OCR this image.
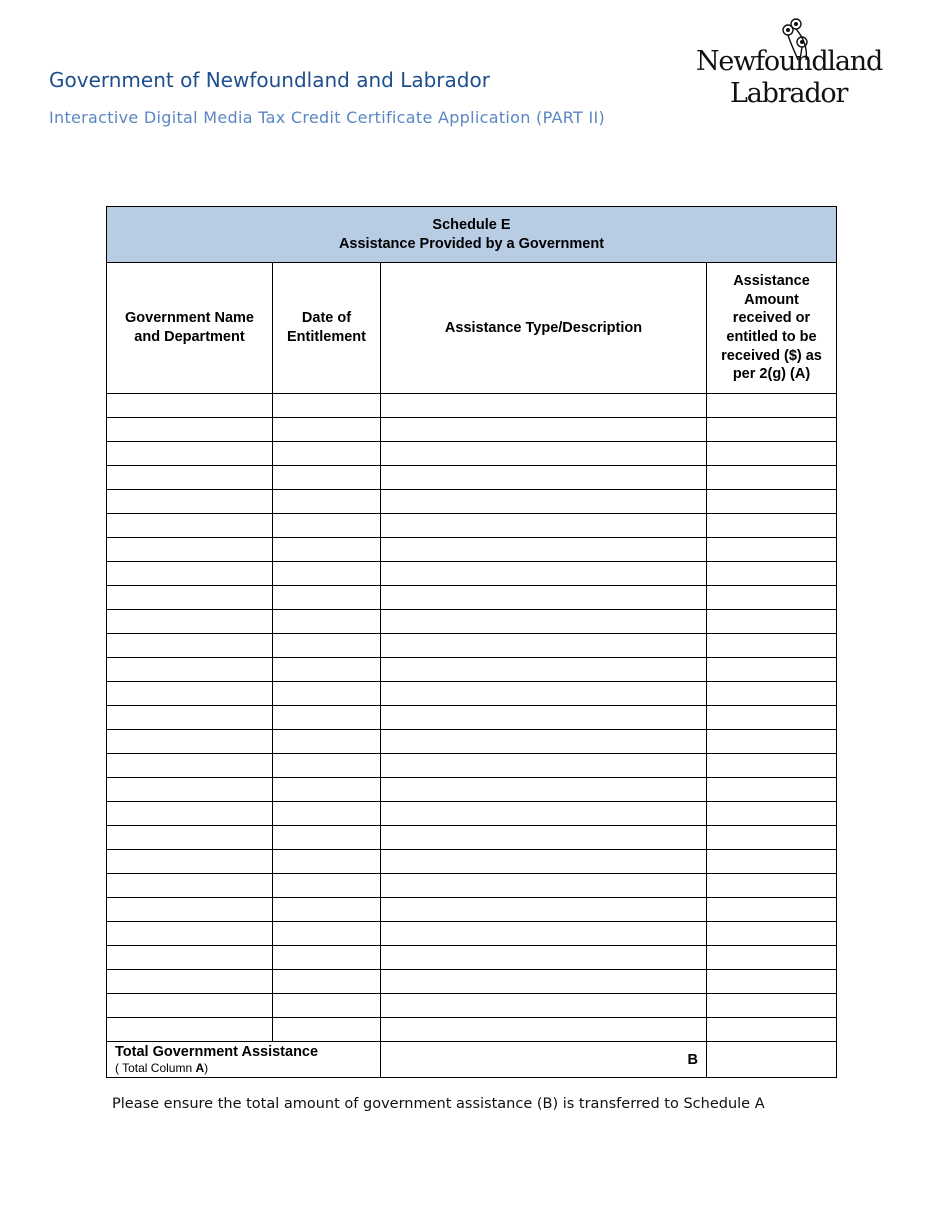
Government of Newfoundland and Labrador

Interactive Digital Media Tax Credit Certificate Application (PART II)

Newfoundland
Labrador
Schedule E
Assistance Provided by a Government			
Government Name and Department	Date of Entitlement	Assistance Type/Description	Assistance Amount received or entitled to be received ($) as per 2(g) (A)

Total Government Assistance
( Total Column A)		B	

Please ensure the total amount of government assistance (B) is transferred to Schedule A
